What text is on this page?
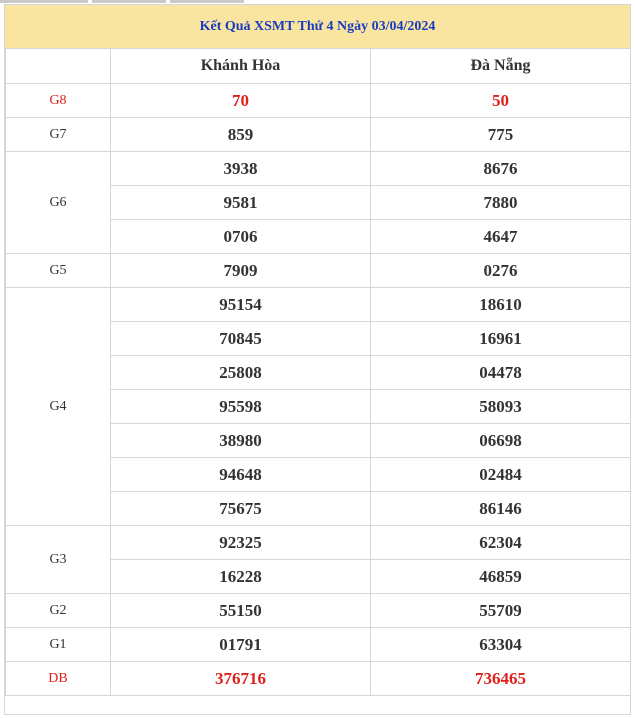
Kết Quả XSMT Thứ 4 Ngày 03/04/2024
	Khánh Hòa	Đà Nẵng
G8	70	50
G7	859	775
G6	3938	8676
	9581	7880
	0706	4647
G5	7909	0276
G4	95154	18610
	70845	16961
	25808	04478
	95598	58093
	38980	06698
	94648	02484
	75675	86146
G3	92325	62304
	16228	46859
G2	55150	55709
G1	01791	63304
DB	376716	736465
